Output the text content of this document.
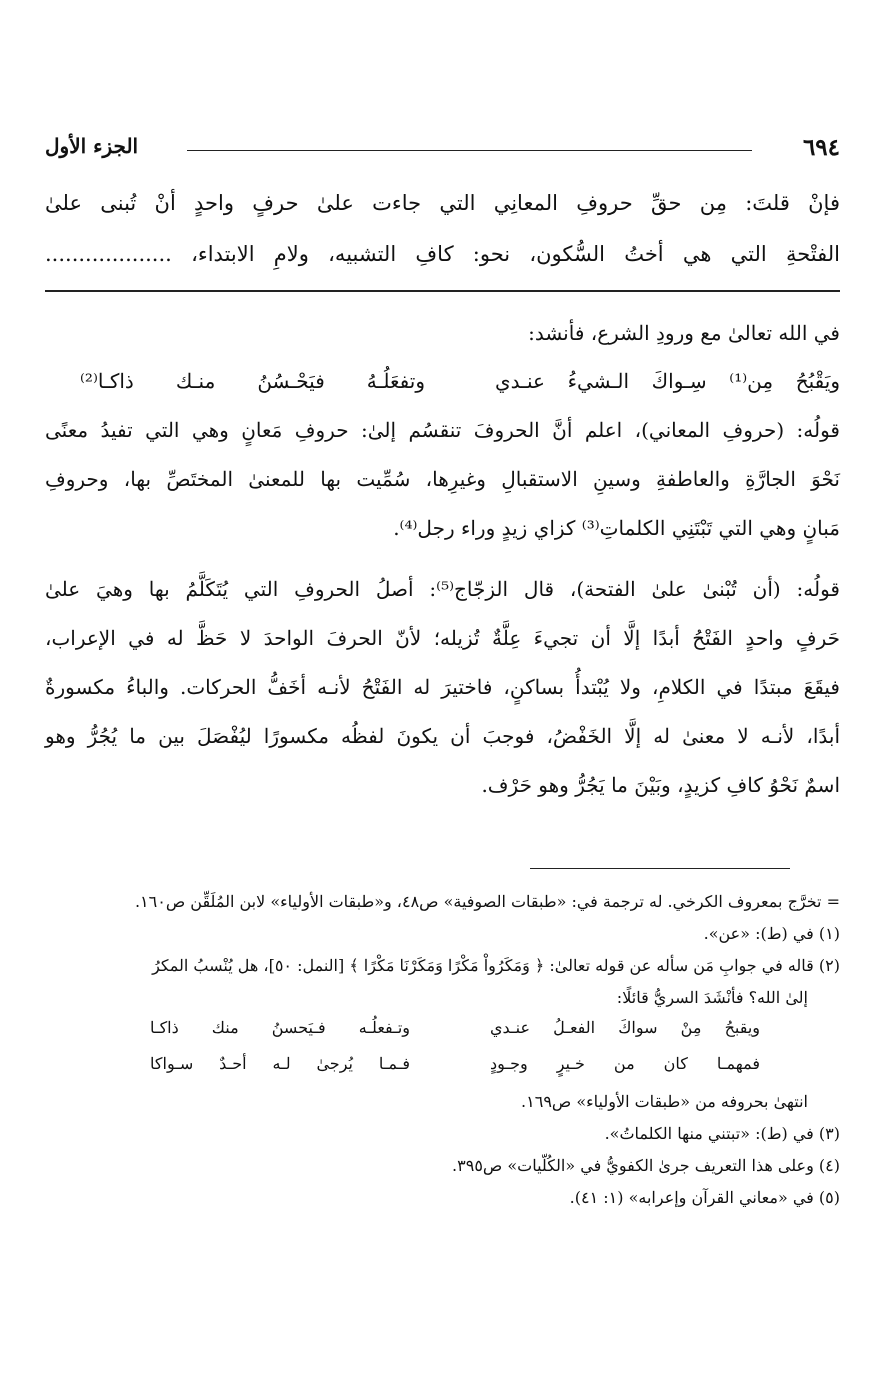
٦٩٤
الجزء الأول
فإنْ قلتَ: مِن حقِّ حروفِ المعانِي التي جاءت علىٰ حرفٍ واحدٍ أنْ تُبنى علىٰ
الفتْحةِ التي هي أختُ السُّكون، نحو: كافِ التشبيه، ولامِ الابتداء، ...................
في الله تعالىٰ مع ورودِ الشرع، فأنشد:
ويَقْبُحُ مِن⁽¹⁾ سِـواكَ الـشيءُ عنـدي
وتفعَلُـهُ فيَحْـسُنُ منـك ذاكـا⁽²⁾
قولُه: (حروفِ المعاني)، اعلم أنَّ الحروفَ تنقسُم إلىٰ: حروفِ مَعانٍ وهي التي تفيدُ معنًى
نَحْوَ الجارَّةِ والعاطفةِ وسينِ الاستقبالِ وغيرِها، سُمِّيت بها للمعنىٰ المختَصِّ بها، وحروفِ
مَبانٍ وهي التي تَبْتَنِي الكلماتِ⁽³⁾ كزاي زيدٍ وراء رجل⁽⁴⁾.
قولُه: (أن تُبْنىٰ علىٰ الفتحة)، قال الزجّاج⁽⁵⁾: أصلُ الحروفِ التي يُتَكَلَّمُ بها وهيَ علىٰ
حَرفٍ واحدٍ الفَتْحُ أبدًا إلَّا أن تجيءَ عِلَّةٌ تُزيله؛ لأنّ الحرفَ الواحدَ لا حَظَّ له في الإعراب،
فيقَعَ مبتدًا في الكلامِ، ولا يُبْتدأُ بساكنٍ، فاختيرَ له الفَتْحُ لأنـه أخَفُّ الحركات. والباءُ مكسورةٌ
أبدًا، لأنـه لا معنىٰ له إلَّا الخَفْضُ، فوجبَ أن يكونَ لفظُه مكسورًا ليُفْصَلَ بين ما يُجُرُّ وهو
اسمٌ نَحْوُ كافِ كزيدٍ، وبَيْنَ ما يَجُرُّ وهو حَرْف.
= تخرَّج بمعروف الكرخي. له ترجمة في: «طبقات الصوفية» ص٤٨، و«طبقات الأولياء» لابن المُلَقِّن ص١٦٠.
(١) في (ط): «عن».
(٢) قاله في جوابِ مَن سأله عن قوله تعالىٰ: ﴿ وَمَكَرُواْ مَكْرًا وَمَكَرْنَا مَكْرًا ﴾ [النمل: ٥٠]، هل يُنْسبُ المكرُ
إلىٰ الله؟ فأنْشَدَ السريُّ قائلًا:
ويقبحُ مِنْ سواكَ الفعـلُ عنـدي
وتـفعلُـه فـيَحسنُ منك ذاكـا
فمهمـا كان من خـيرٍ وجـودٍ
فـمـا يُرجىٰ لـه أحـدٌ سـواكا
انتهىٰ بحروفه من «طبقات الأولياء» ص١٦٩.
(٣) في (ط): «تبتني منها الكلماتُ».
(٤) وعلى هذا التعريف جرىٰ الكفويُّ في «الكُلّيات» ص٣٩٥.
(٥) في «معاني القرآن وإعرابه» (١: ٤١).
